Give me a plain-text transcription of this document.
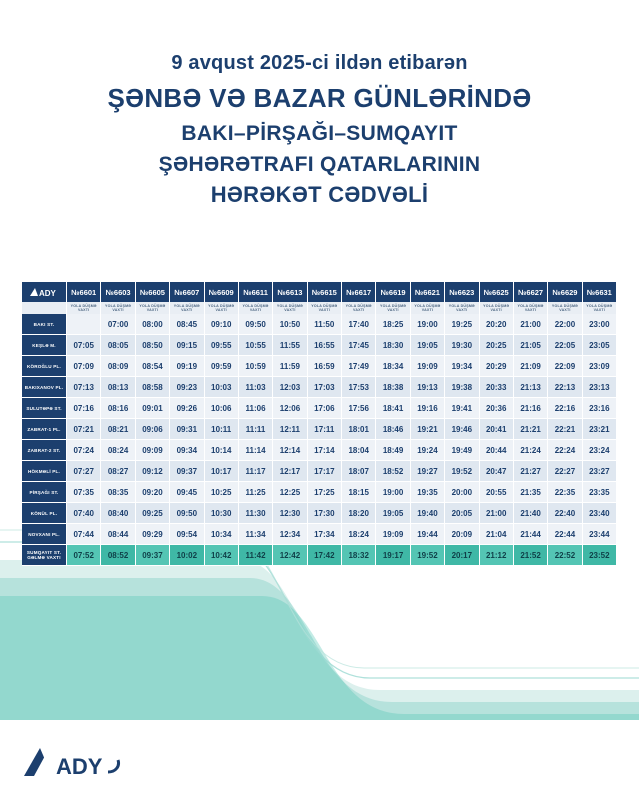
9 avqust 2025-ci ildən etibarən
ŞƏNBƏ VƏ BAZAR GÜNLƏRİNDƏ
BAKI–PİRŞAĞI–SUMQAYIT
ŞƏHƏRƏTRAFI QATARLARININ
HƏRƏKƏT CƏDVƏLİ
ADY	№6601	№6603	№6605	№6607	№6609	№6611	№6613	№6615	№6617	№6619	№6621	№6623	№6625	№6627	№6629	№6631
	YOLA DÜŞMƏ VAXTI	YOLA DÜŞMƏ VAXTI	YOLA DÜŞMƏ VAXTI	YOLA DÜŞMƏ VAXTI	YOLA DÜŞMƏ VAXTI	YOLA DÜŞMƏ VAXTI	YOLA DÜŞMƏ VAXTI	YOLA DÜŞMƏ VAXTI	YOLA DÜŞMƏ VAXTI	YOLA DÜŞMƏ VAXTI	YOLA DÜŞMƏ VAXTI	YOLA DÜŞMƏ VAXTI	YOLA DÜŞMƏ VAXTI	YOLA DÜŞMƏ VAXTI	YOLA DÜŞMƏ VAXTI	YOLA DÜŞMƏ VAXTI
BAKI ST.		07:00	08:00	08:45	09:10	09:50	10:50	11:50	17:40	18:25	19:00	19:25	20:20	21:00	22:00	23:00
KEŞLƏ M.	07:05	08:05	08:50	09:15	09:55	10:55	11:55	16:55	17:45	18:30	19:05	19:30	20:25	21:05	22:05	23:05
KÖROĞLU PL.	07:09	08:09	08:54	09:19	09:59	10:59	11:59	16:59	17:49	18:34	19:09	19:34	20:29	21:09	22:09	23:09
BAKIXANOV PL.	07:13	08:13	08:58	09:23	10:03	11:03	12:03	17:03	17:53	18:38	19:13	19:38	20:33	21:13	22:13	23:13
SULUTƏPƏ ST.	07:16	08:16	09:01	09:26	10:06	11:06	12:06	17:06	17:56	18:41	19:16	19:41	20:36	21:16	22:16	23:16
ZABRAT-1 PL.	07:21	08:21	09:06	09:31	10:11	11:11	12:11	17:11	18:01	18:46	19:21	19:46	20:41	21:21	22:21	23:21
ZABRAT-2 ST.	07:24	08:24	09:09	09:34	10:14	11:14	12:14	17:14	18:04	18:49	19:24	19:49	20:44	21:24	22:24	23:24
HÖKMƏLİ PL.	07:27	08:27	09:12	09:37	10:17	11:17	12:17	17:17	18:07	18:52	19:27	19:52	20:47	21:27	22:27	23:27
PİRŞAĞI ST.	07:35	08:35	09:20	09:45	10:25	11:25	12:25	17:25	18:15	19:00	19:35	20:00	20:55	21:35	22:35	23:35
KÖNÜL PL.	07:40	08:40	09:25	09:50	10:30	11:30	12:30	17:30	18:20	19:05	19:40	20:05	21:00	21:40	22:40	23:40
NOVXANI PL.	07:44	08:44	09:29	09:54	10:34	11:34	12:34	17:34	18:24	19:09	19:44	20:09	21:04	21:44	22:44	23:44
SUMQAYIT ST. GƏLMƏ VAXTI	07:52	08:52	09:37	10:02	10:42	11:42	12:42	17:42	18:32	19:17	19:52	20:17	21:12	21:52	22:52	23:52
ADY
